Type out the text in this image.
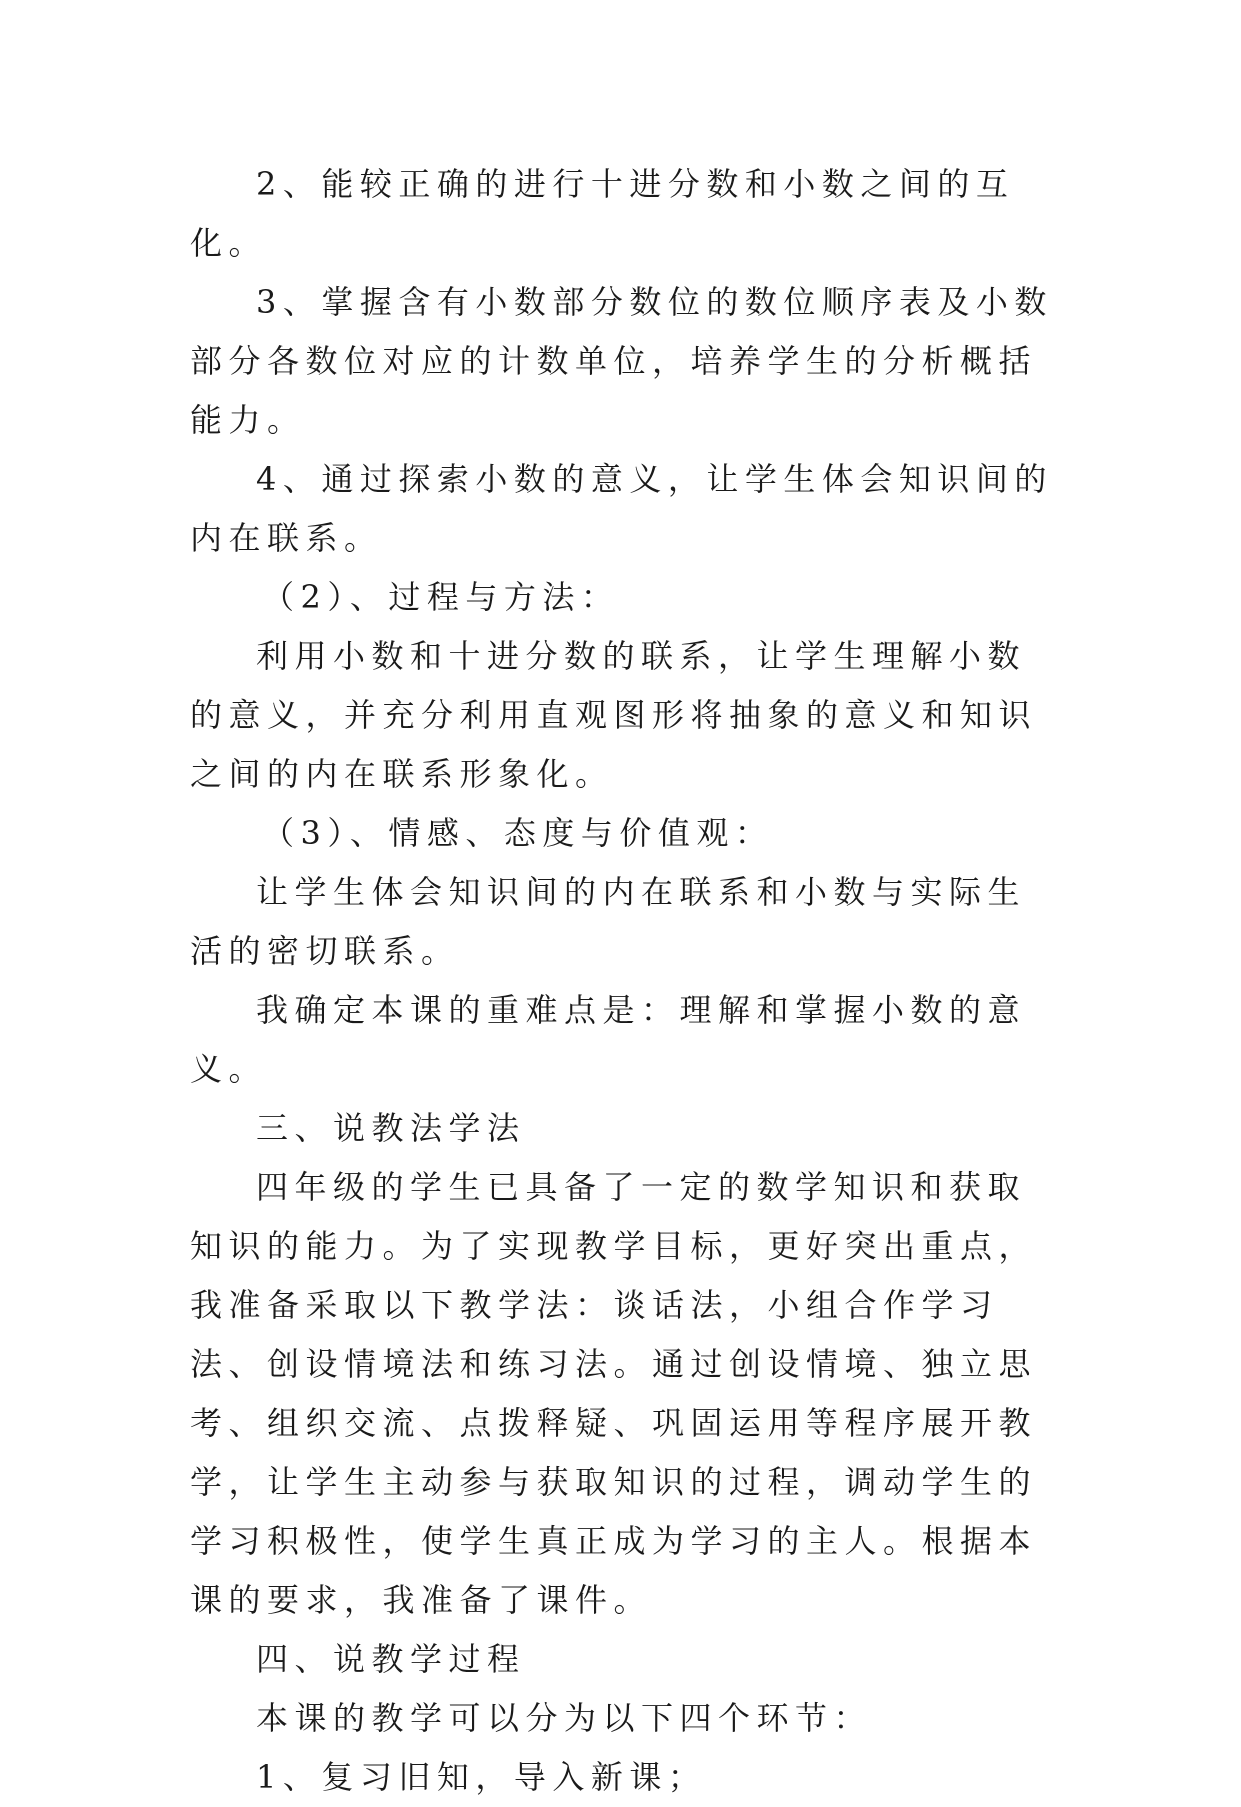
2、能较正确的进行十进分数和小数之间的互化。

3、掌握含有小数部分数位的数位顺序表及小数部分各数位对应的计数单位，培养学生的分析概括能力。

4、通过探索小数的意义，让学生体会知识间的内在联系。

（2）、过程与方法：

利用小数和十进分数的联系，让学生理解小数的意义，并充分利用直观图形将抽象的意义和知识之间的内在联系形象化。

（3）、情感、态度与价值观：

让学生体会知识间的内在联系和小数与实际生活的密切联系。

我确定本课的重难点是：理解和掌握小数的意义。

三、说教法学法

四年级的学生已具备了一定的数学知识和获取知识的能力。为了实现教学目标，更好突出重点，我准备采取以下教学法：谈话法，小组合作学习法、创设情境法和练习法。通过创设情境、独立思考、组织交流、点拨释疑、巩固运用等程序展开教学，让学生主动参与获取知识的过程，调动学生的学习积极性，使学生真正成为学习的主人。根据本课的要求，我准备了课件。

四、说教学过程

本课的教学可以分为以下四个环节：

1、复习旧知，导入新课；
